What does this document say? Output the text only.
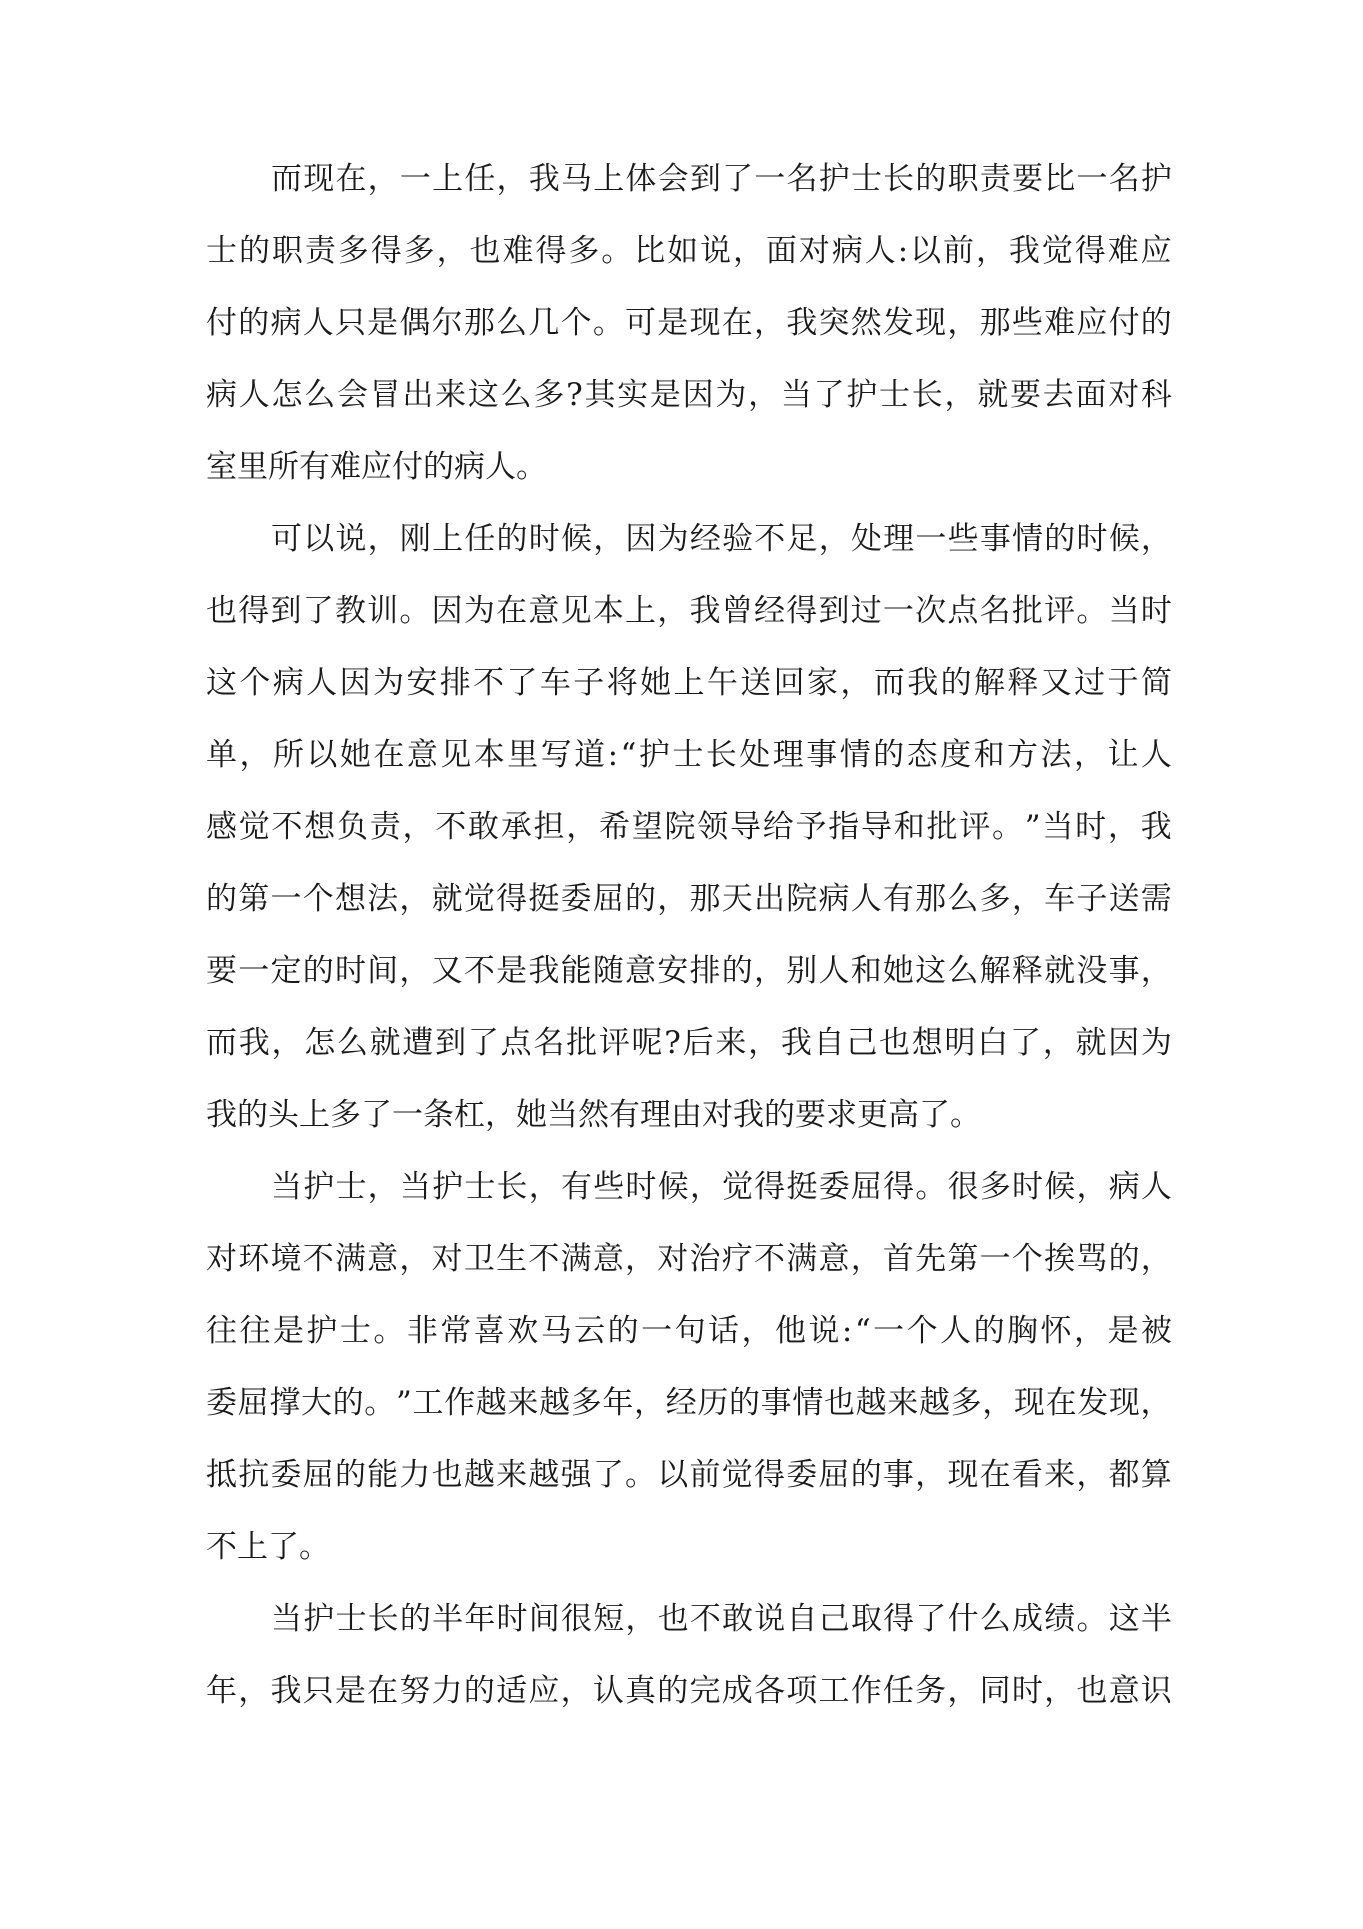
而 现 在 ， 一 上 任 ， 我 马 上 体 会 到 了 一 名 护 士 长 的 职 责 要 比 一 名 护
士 的 职 责 多 得 多 ， 也 难 得 多 。 比 如 说 ， 面 对 病 人 : 以 前 ， 我 觉 得 难 应
付 的 病 人 只 是 偶 尔 那 么 几 个 。 可 是 现 在 ， 我 突 然 发 现 ， 那 些 难 应 付 的
病 人 怎 么 会 冒 出 来 这 么 多 ? 其 实 是 因 为 ， 当 了 护 士 长 ， 就 要 去 面 对 科
室里所有难应付的病人。
可 以 说 ， 刚 上 任 的 时 候 ， 因 为 经 验 不 足 ， 处 理 一 些 事 情 的 时 候 ，
也 得 到 了 教 训 。 因 为 在 意 见 本 上 ， 我 曾 经 得 到 过 一 次 点 名 批 评 。 当 时
这 个 病 人 因 为 安 排 不 了 车 子 将 她 上 午 送 回 家 ， 而 我 的 解 释 又 过 于 简
单 ， 所 以 她 在 意 见 本 里 写 道 : “ 护 士 长 处 理 事 情 的 态 度 和 方 法 ， 让 人
感 觉 不 想 负 责 ， 不 敢 承 担 ， 希 望 院 领 导 给 予 指 导 和 批 评 。 ” 当 时 ， 我
的 第 一 个 想 法 ， 就 觉 得 挺 委 屈 的 ， 那 天 出 院 病 人 有 那 么 多 ， 车 子 送 需
要 一 定 的 时 间 ， 又 不 是 我 能 随 意 安 排 的 ， 别 人 和 她 这 么 解 释 就 没 事 ，
而 我 ， 怎 么 就 遭 到 了 点 名 批 评 呢 ? 后 来 ， 我 自 己 也 想 明 白 了 ， 就 因 为
我的头上多了一条杠，她当然有理由对我的要求更高了。
当 护 士 ， 当 护 士 长 ， 有 些 时 候 ， 觉 得 挺 委 屈 得 。 很 多 时 候 ， 病 人
对 环 境 不 满 意 ， 对 卫 生 不 满 意 ， 对 治 疗 不 满 意 ， 首 先 第 一 个 挨 骂 的 ，
往 往 是 护 士 。 非 常 喜 欢 马 云 的 一 句 话 ， 他 说 : “ 一 个 人 的 胸 怀 ， 是 被
委 屈 撑 大 的 。 ” 工 作 越 来 越 多 年 ， 经 历 的 事 情 也 越 来 越 多 ， 现 在 发 现 ，
抵 抗 委 屈 的 能 力 也 越 来 越 强 了 。 以 前 觉 得 委 屈 的 事 ， 现 在 看 来 ， 都 算
不上了。
当 护 士 长 的 半 年 时 间 很 短 ， 也 不 敢 说 自 己 取 得 了 什 么 成 绩 。 这 半
年 ， 我 只 是 在 努 力 的 适 应 ， 认 真 的 完 成 各 项 工 作 任 务 ， 同 时 ， 也 意 识
